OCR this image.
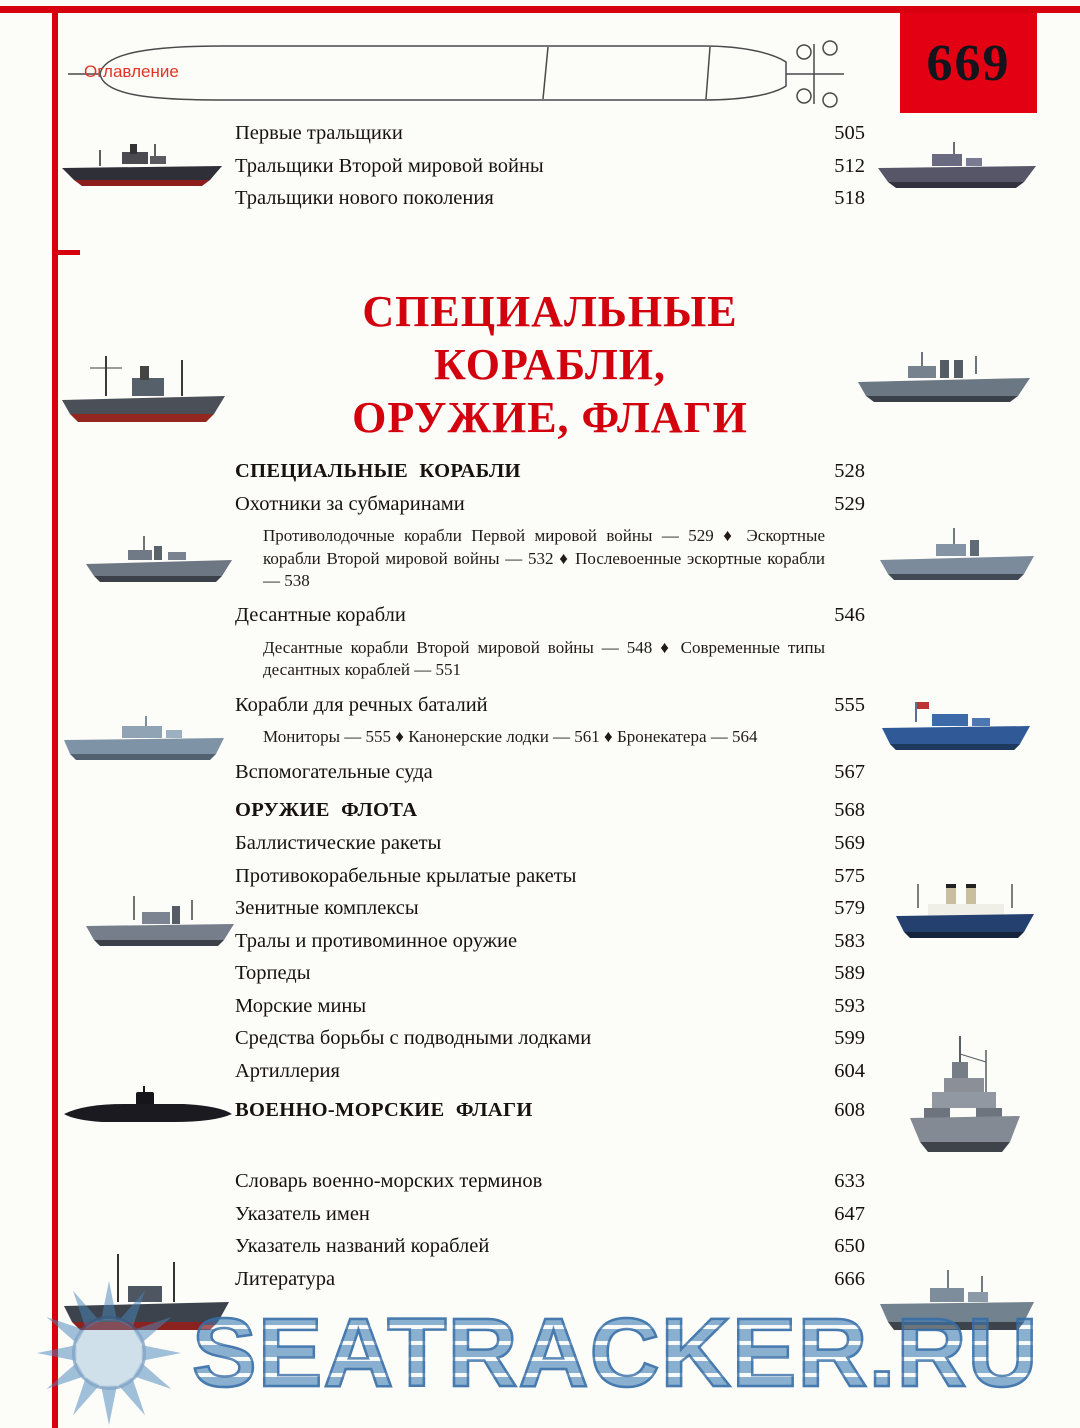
669
Оглавление
Первые тральщики	505
Тральщики Второй мировой войны	512
Тральщики нового поколения	518
СПЕЦИАЛЬНЫЕ
КОРАБЛИ,
ОРУЖИЕ, ФЛАГИ
СПЕЦИАЛЬНЫЕ КОРАБЛИ	528
Охотники за субмаринами	529
Противолодочные корабли Первой мировой войны — 529 ♦ Эскортные корабли Второй мировой войны — 532 ♦ Послевоенные эскортные корабли — 538
Десантные корабли	546
Десантные корабли Второй мировой войны — 548 ♦ Современные типы десантных кораблей — 551
Корабли для речных баталий	555
Мониторы — 555 ♦ Канонерские лодки — 561 ♦ Бронекатера — 564
Вспомогательные суда	567
ОРУЖИЕ ФЛОТА	568
Баллистические ракеты	569
Противокорабельные крылатые ракеты	575
Зенитные комплексы	579
Тралы и противоминное оружие	583
Торпеды	589
Морские мины	593
Средства борьбы с подводными лодками	599
Артиллерия	604
ВОЕННО-МОРСКИЕ ФЛАГИ	608
Словарь военно-морских терминов	633
Указатель имен	647
Указатель названий кораблей	650
Литература	666
SEATRACKER.RU
